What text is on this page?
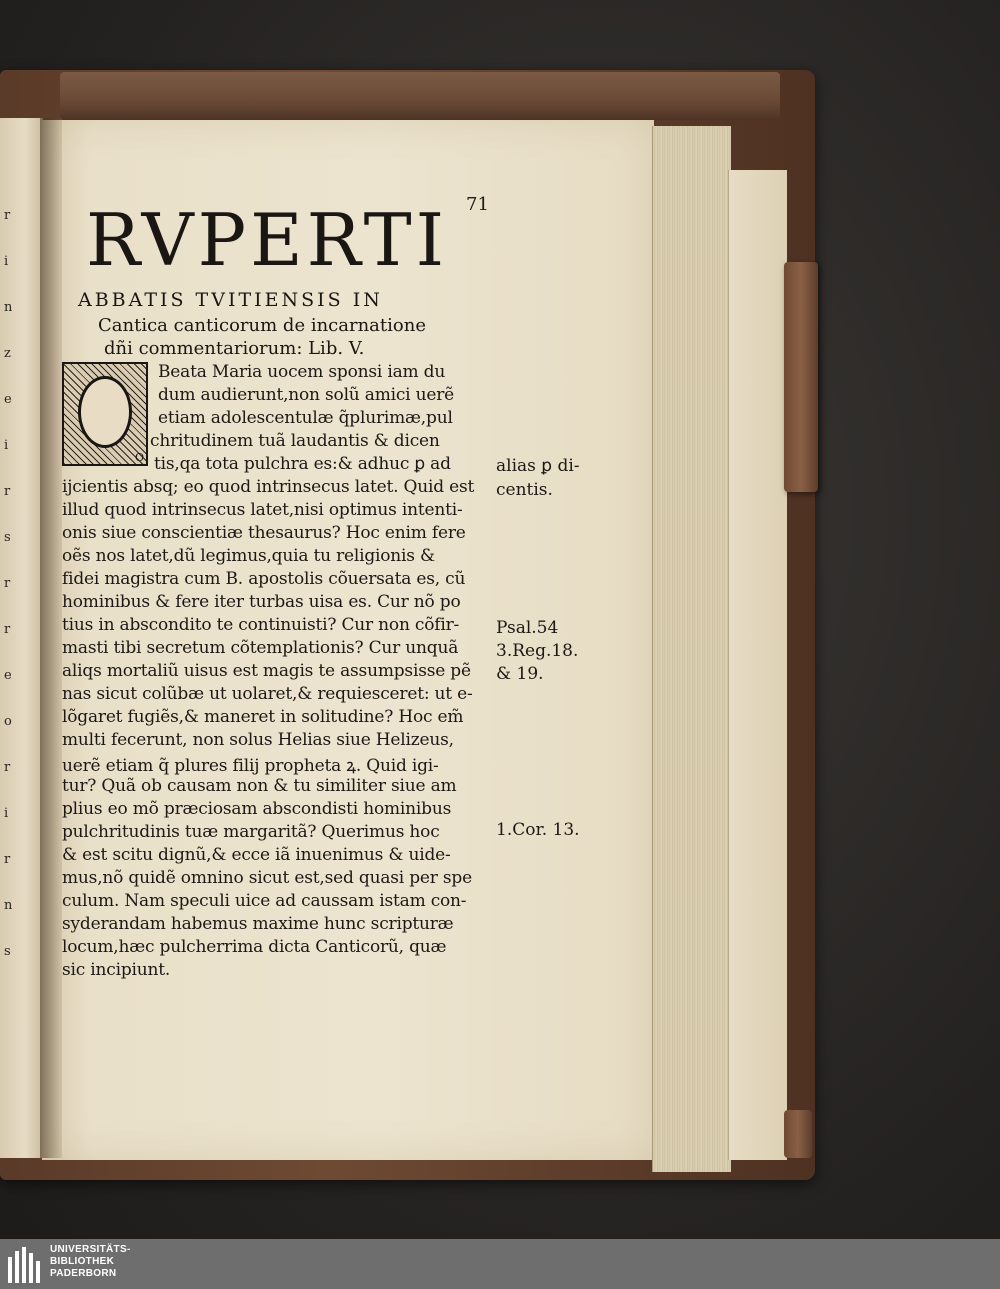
r
i
n
z
e
i
r
s
r
r
e
o
r
i
r
n
s
71
RVPERTI
ABBATIS TVITIENSIS IN
Cantica canticorum de incarnatione
dñi commentariorum: Lib. V.
O
Beata Maria uocem sponsi iam du
dum audierunt,non solũ amici uerẽ
etiam adolescentulæ q̃plurimæ,pul
chritudinem tuã laudantis & dicen
tis,qa tota pulchra es:& adhuc ꝑ ad
ijcientis absq; eo quod intrinsecus latet. Quid est
illud quod intrinsecus latet,nisi optimus intenti-
onis siue conscientiæ thesaurus? Hoc enim fere
oẽs nos latet,dũ legimus,quia tu religionis &
fidei magistra cum B. apostolis cõuersata es, cũ
hominibus & fere iter turbas uisa es. Cur nõ po
tius in abscondito te continuisti? Cur non cõfir-
masti tibi secretum cõtemplationis? Cur unquã
aliqs mortaliũ uisus est magis te assumpsisse pẽ
nas sicut colũbæ ut uolaret,& requiesceret: ut e-
lõgaret fugiẽs,& maneret in solitudine? Hoc em̃
multi fecerunt, non solus Helias siue Helizeus,
uerẽ etiam q̃ plures filij propheta ꝝ. Quid igi-
tur? Quã ob causam non & tu similiter siue am
plius eo mõ præciosam abscondisti hominibus
pulchritudinis tuæ margaritã? Querimus hoc
& est scitu dignũ,& ecce iã inuenimus & uide-
mus,nõ quidẽ omnino sicut est,sed quasi per spe
culum. Nam speculi uice ad caussam istam con-
syderandam habemus maxime hunc scripturæ
locum,hæc pulcherrima dicta Canticorũ, quæ
sic incipiunt.
alias ꝑ di-
centis.
Psal.54
3.Reg.18.
& 19.
1.Cor. 13.
UNIVERSITÄTS-
BIBLIOTHEK
PADERBORN
